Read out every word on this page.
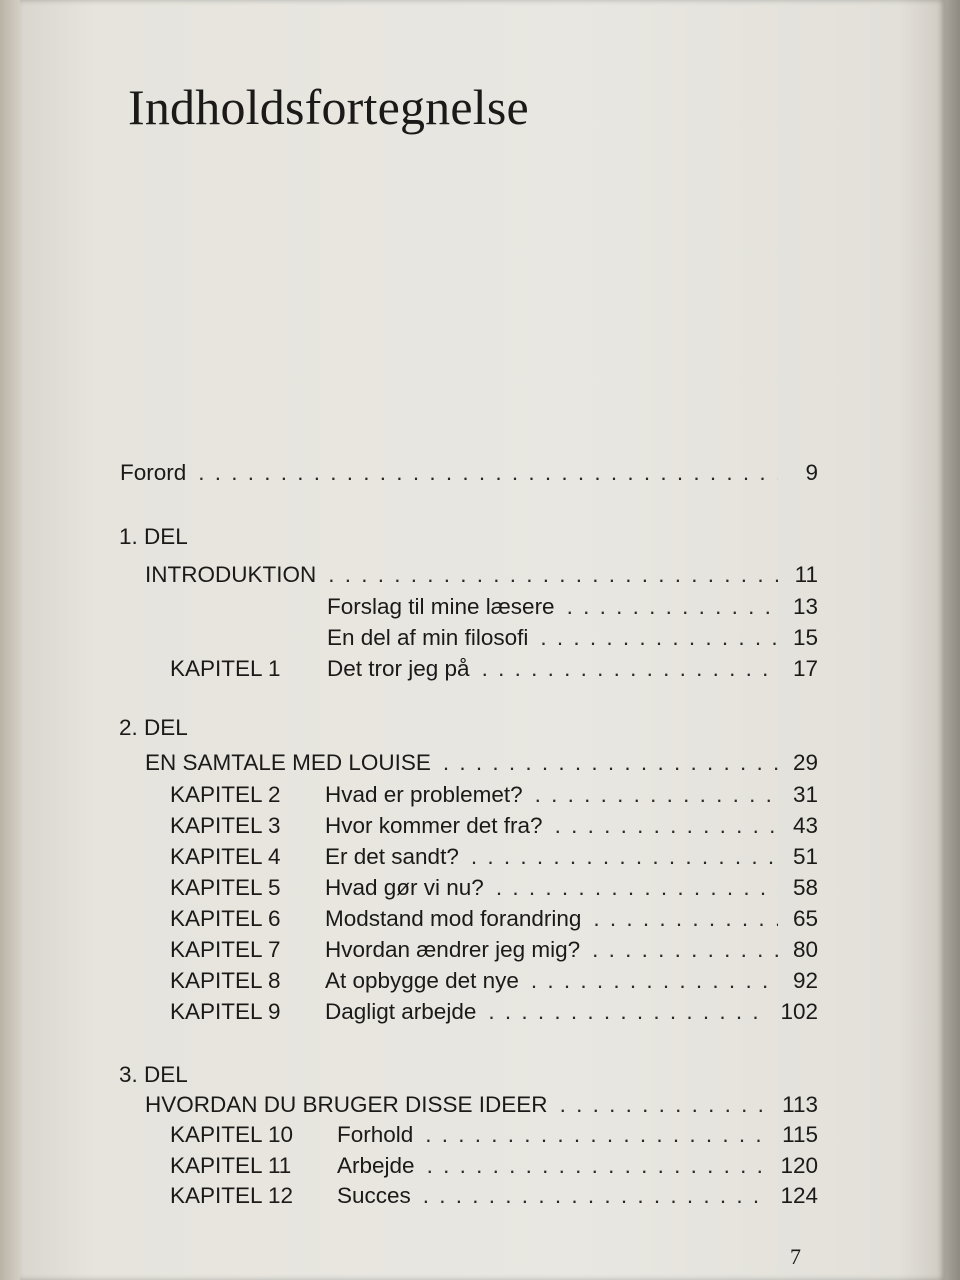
Indholdsfortegnelse
Forord . . .	9
1. DEL
INTRODUKTION . . .	11
Forslag til mine læsere . . .	13
En del af min filosofi . . .	15
KAPITEL 1	Det tror jeg på . . .	17
2. DEL
EN SAMTALE MED LOUISE . . .	29
KAPITEL 2	Hvad er problemet? . . .	31
KAPITEL 3	Hvor kommer det fra? . . .	43
KAPITEL 4	Er det sandt? . . .	51
KAPITEL 5	Hvad gør vi nu? . . .	58
KAPITEL 6	Modstand mod forandring . . .	65
KAPITEL 7	Hvordan ændrer jeg mig? . . .	80
KAPITEL 8	At opbygge det nye . . .	92
KAPITEL 9	Dagligt arbejde . . .	102
3. DEL
HVORDAN DU BRUGER DISSE IDEER . . .	113
KAPITEL 10	Forhold . . .	115
KAPITEL 11	Arbejde . . .	120
KAPITEL 12	Succes . . .	124
7
